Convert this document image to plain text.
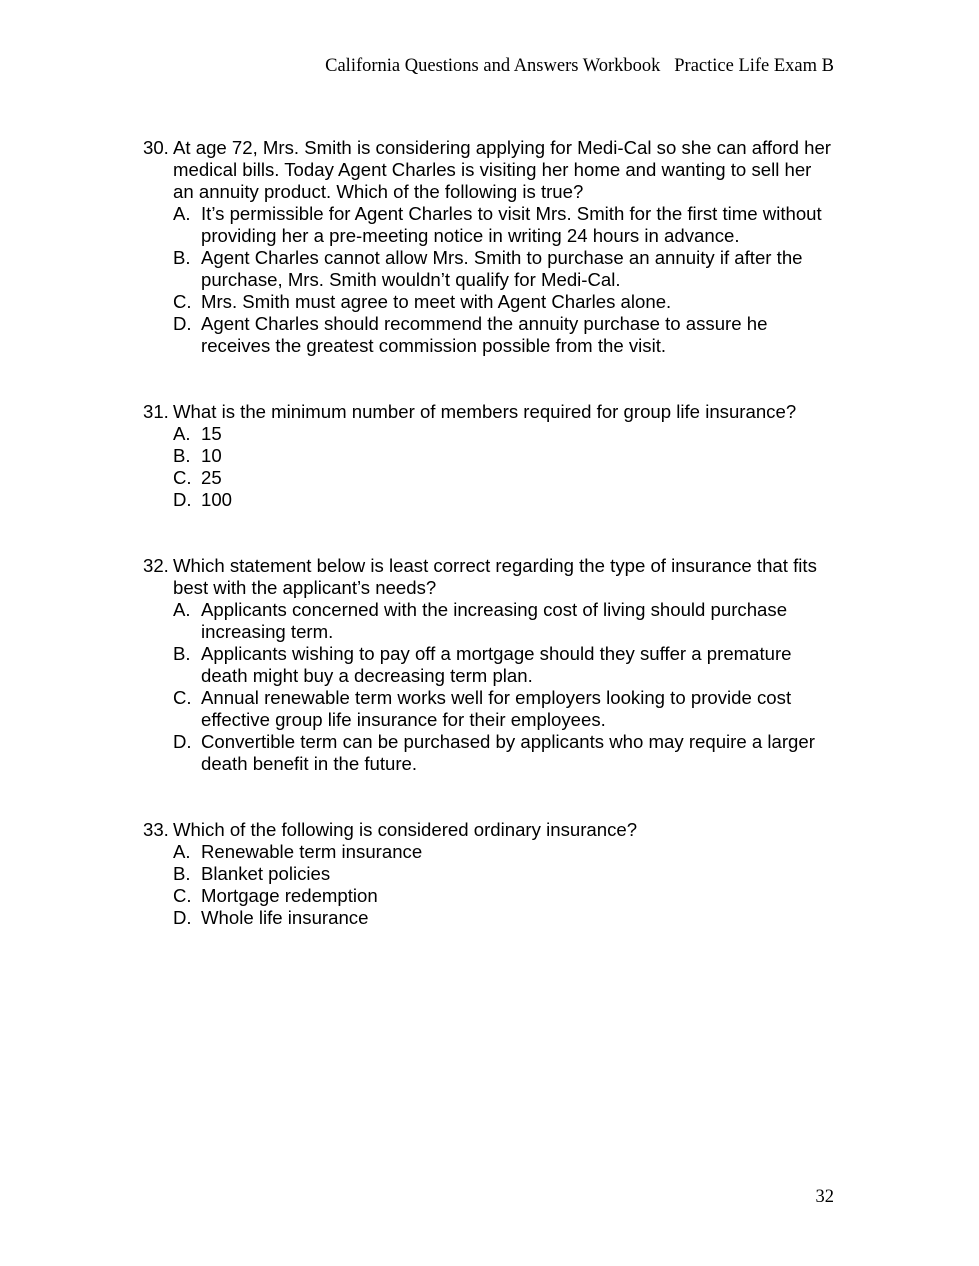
California Questions and Answers Workbook   Practice Life Exam B
30. At age 72, Mrs. Smith is considering applying for Medi-Cal so she can afford her medical bills. Today Agent Charles is visiting her home and wanting to sell her an annuity product. Which of the following is true?
A. It’s permissible for Agent Charles to visit Mrs. Smith for the first time without providing her a pre-meeting notice in writing 24 hours in advance.
B. Agent Charles cannot allow Mrs. Smith to purchase an annuity if after the purchase, Mrs. Smith wouldn’t qualify for Medi-Cal.
C. Mrs. Smith must agree to meet with Agent Charles alone.
D. Agent Charles should recommend the annuity purchase to assure he receives the greatest commission possible from the visit.
31. What is the minimum number of members required for group life insurance?
A. 15
B. 10
C. 25
D. 100
32. Which statement below is least correct regarding the type of insurance that fits best with the applicant’s needs?
A. Applicants concerned with the increasing cost of living should purchase increasing term.
B. Applicants wishing to pay off a mortgage should they suffer a premature death might buy a decreasing term plan.
C. Annual renewable term works well for employers looking to provide cost effective group life insurance for their employees.
D. Convertible term can be purchased by applicants who may require a larger death benefit in the future.
33. Which of the following is considered ordinary insurance?
A. Renewable term insurance
B. Blanket policies
C. Mortgage redemption
D. Whole life insurance
32
